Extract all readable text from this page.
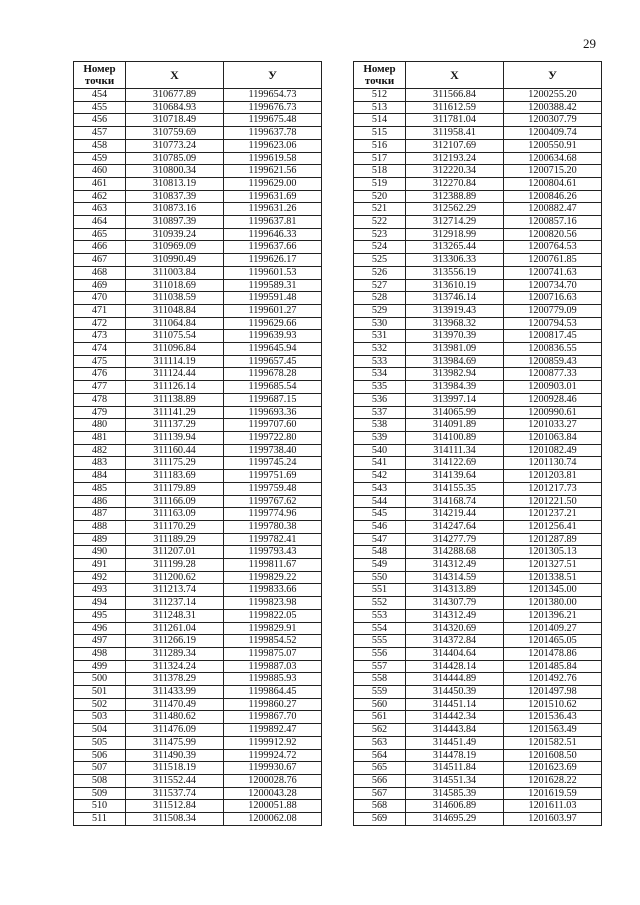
29
Номер точки	Х	У
454	310677.89	1199654.73
455	310684.93	1199676.73
456	310718.49	1199675.48
457	310759.69	1199637.78
458	310773.24	1199623.06
459	310785.09	1199619.58
460	310800.34	1199621.56
461	310813.19	1199629.00
462	310837.39	1199631.69
463	310873.16	1199631.26
464	310897.39	1199637.81
465	310939.24	1199646.33
466	310969.09	1199637.66
467	310990.49	1199626.17
468	311003.84	1199601.53
469	311018.69	1199589.31
470	311038.59	1199591.48
471	311048.84	1199601.27
472	311064.84	1199629.66
473	311075.54	1199639.93
474	311096.84	1199645.94
475	311114.19	1199657.45
476	311124.44	1199678.28
477	311126.14	1199685.54
478	311138.89	1199687.15
479	311141.29	1199693.36
480	311137.29	1199707.60
481	311139.94	1199722.80
482	311160.44	1199738.40
483	311175.29	1199745.24
484	311183.69	1199751.69
485	311179.89	1199759.48
486	311166.09	1199767.62
487	311163.09	1199774.96
488	311170.29	1199780.38
489	311189.29	1199782.41
490	311207.01	1199793.43
491	311199.28	1199811.67
492	311200.62	1199829.22
493	311213.74	1199833.66
494	311237.14	1199823.98
495	311248.31	1199822.05
496	311261.04	1199829.91
497	311266.19	1199854.52
498	311289.34	1199875.07
499	311324.24	1199887.03
500	311378.29	1199885.93
501	311433.99	1199864.45
502	311470.49	1199860.27
503	311480.62	1199867.70
504	311476.09	1199892.47
505	311475.99	1199912.92
506	311490.39	1199924.72
507	311518.19	1199930.67
508	311552.44	1200028.76
509	311537.74	1200043.28
510	311512.84	1200051.88
511	311508.34	1200062.08
Номер точки	Х	У
512	311566.84	1200255.20
513	311612.59	1200388.42
514	311781.04	1200307.79
515	311958.41	1200409.74
516	312107.69	1200550.91
517	312193.24	1200634.68
518	312220.34	1200715.20
519	312270.84	1200804.61
520	312388.89	1200846.26
521	312562.29	1200882.47
522	312714.29	1200857.16
523	312918.99	1200820.56
524	313265.44	1200764.53
525	313306.33	1200761.85
526	313556.19	1200741.63
527	313610.19	1200734.70
528	313746.14	1200716.63
529	313919.43	1200779.09
530	313968.32	1200794.53
531	313970.39	1200817.45
532	313981.09	1200836.55
533	313984.69	1200859.43
534	313982.94	1200877.33
535	313984.39	1200903.01
536	313997.14	1200928.46
537	314065.99	1200990.61
538	314091.89	1201033.27
539	314100.89	1201063.84
540	314111.34	1201082.49
541	314122.69	1201130.74
542	314139.64	1201203.81
543	314155.35	1201217.73
544	314168.74	1201221.50
545	314219.44	1201237.21
546	314247.64	1201256.41
547	314277.79	1201287.89
548	314288.68	1201305.13
549	314312.49	1201327.51
550	314314.59	1201338.51
551	314313.89	1201345.00
552	314307.79	1201380.00
553	314312.49	1201396.21
554	314320.69	1201409.27
555	314372.84	1201465.05
556	314404.64	1201478.86
557	314428.14	1201485.84
558	314444.89	1201492.76
559	314450.39	1201497.98
560	314451.14	1201510.62
561	314442.34	1201536.43
562	314443.84	1201563.49
563	314451.49	1201582.51
564	314478.19	1201608.50
565	314511.84	1201623.69
566	314551.34	1201628.22
567	314585.39	1201619.59
568	314606.89	1201611.03
569	314695.29	1201603.97
